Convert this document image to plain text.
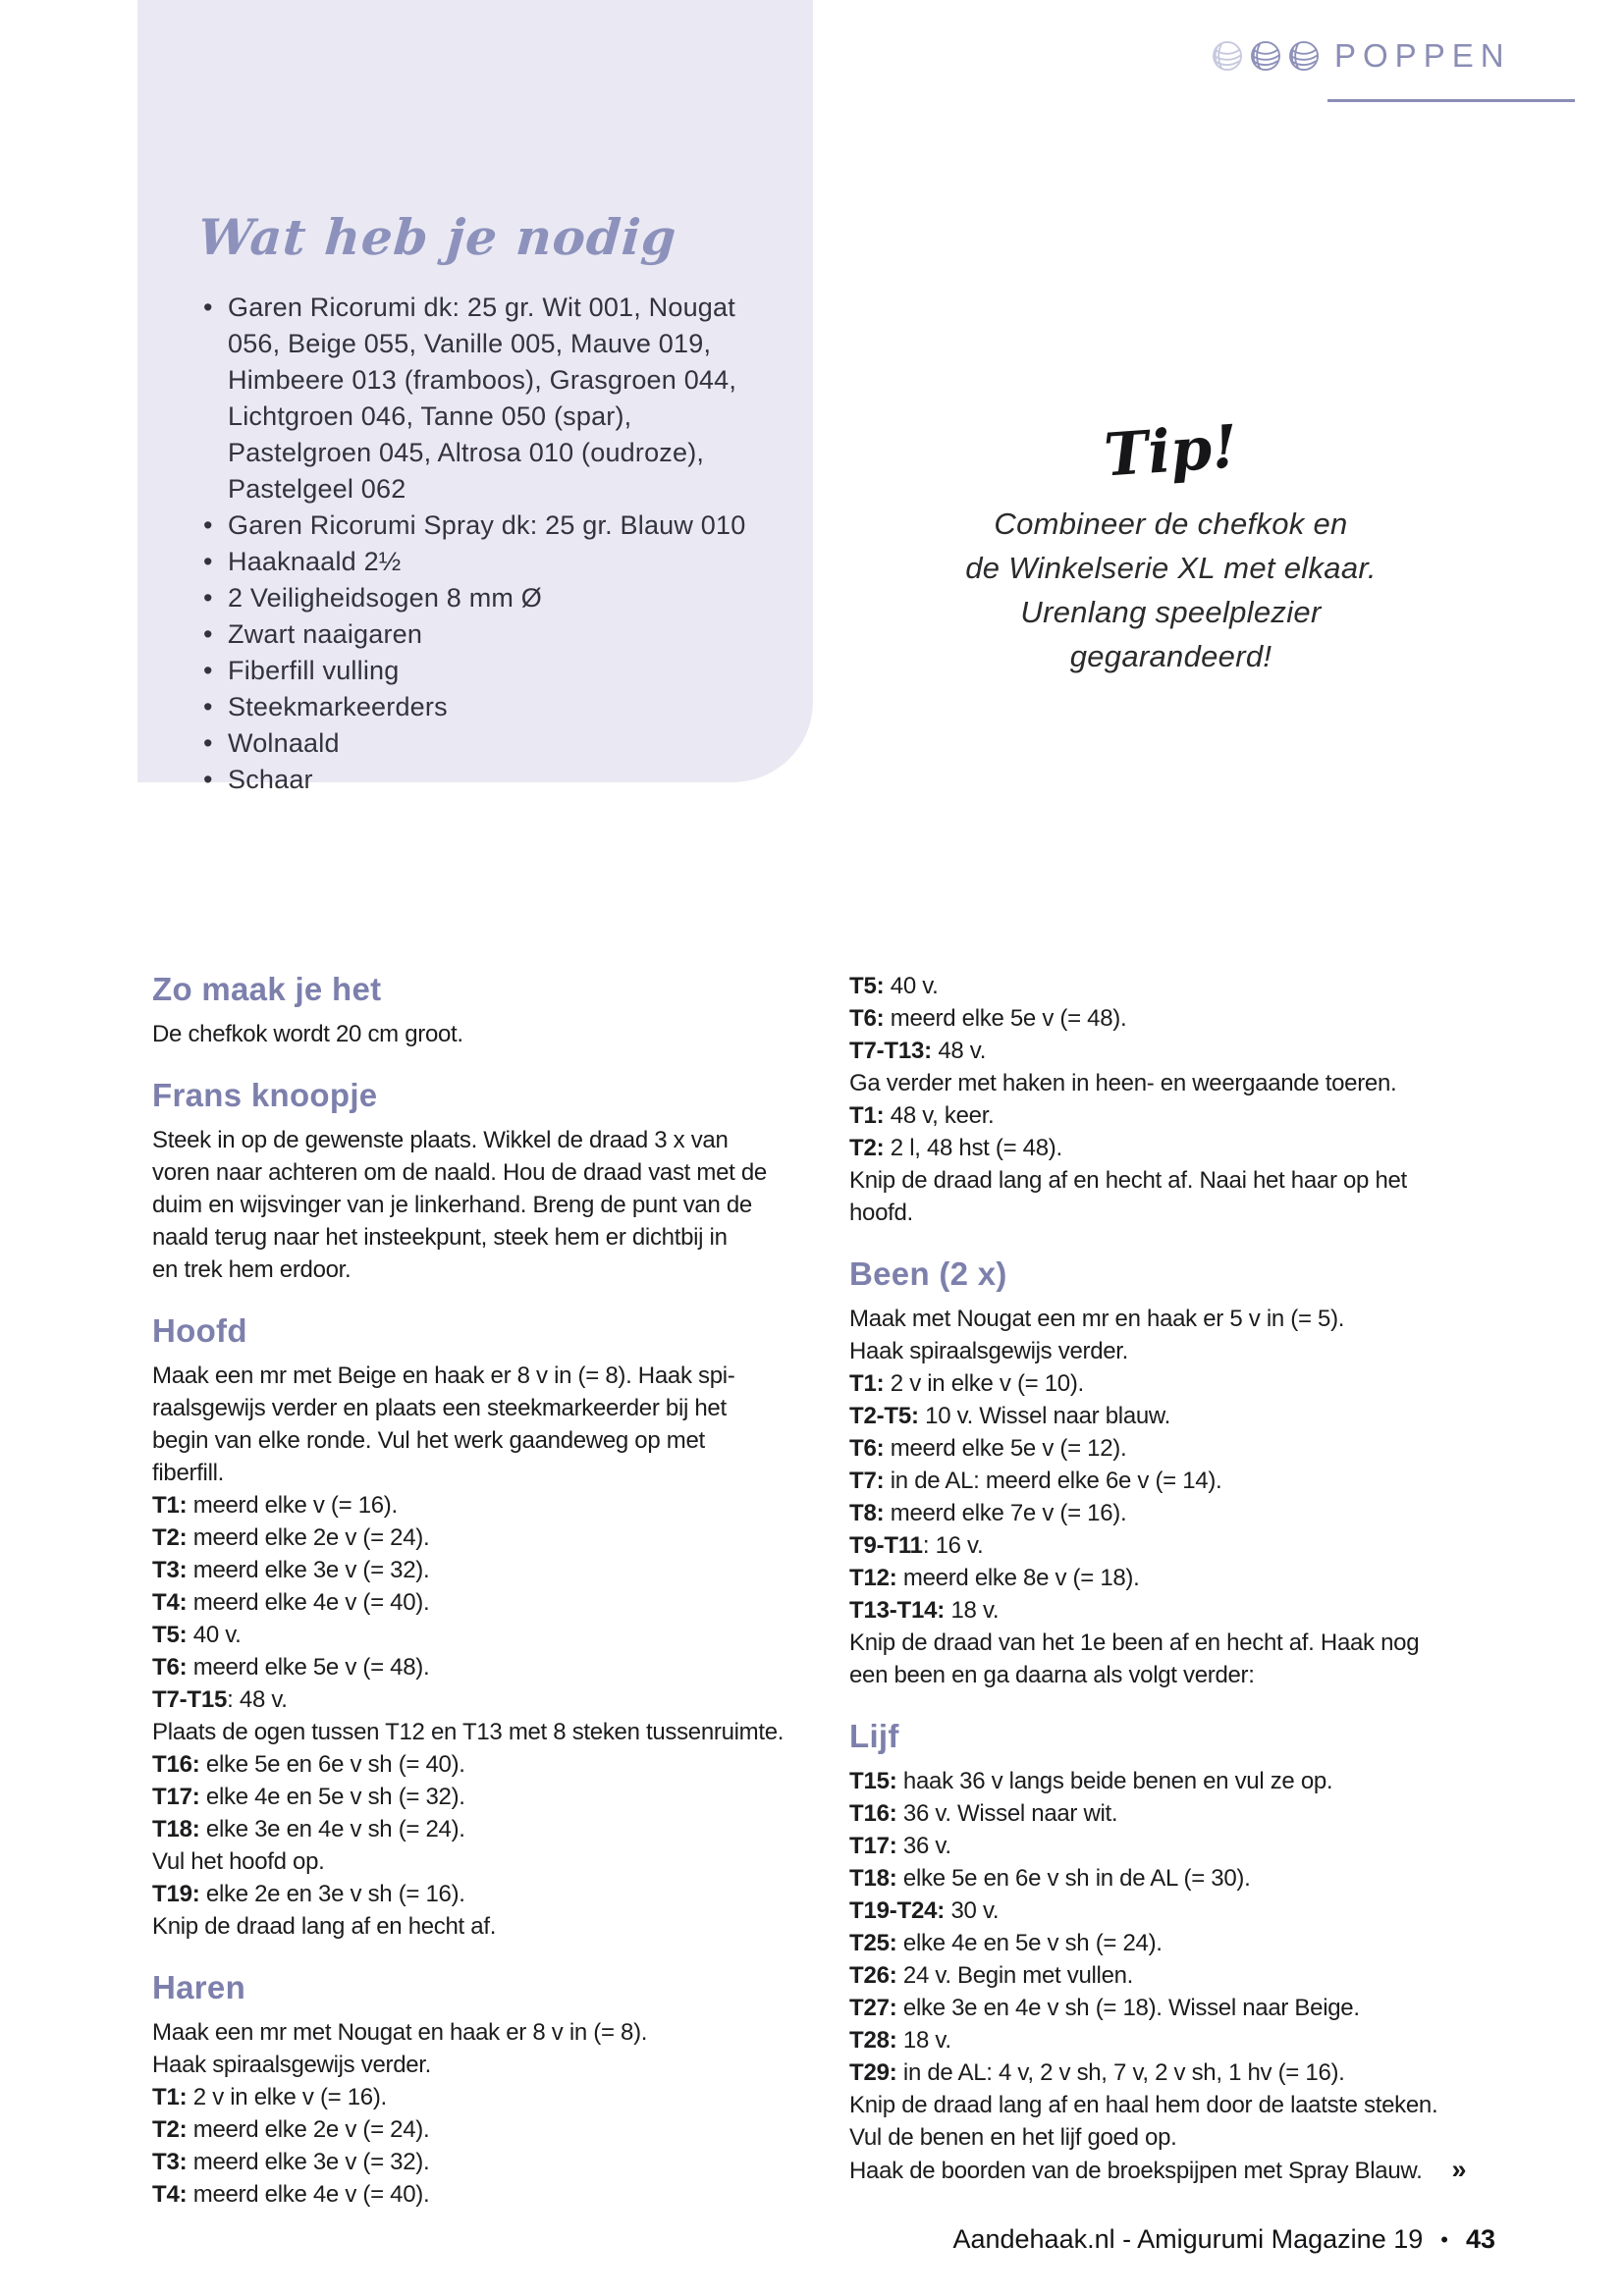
POPPEN
Wat heb je nodig
• Garen Ricorumi dk: 25 gr. Wit 001, Nougat
056, Beige 055, Vanille 005, Mauve 019,
Himbeere 013 (framboos), Grasgroen 044,
Lichtgroen 046, Tanne 050 (spar),
Pastelgroen 045, Altrosa 010 (oudroze),
Pastelgeel 062
• Garen Ricorumi Spray dk: 25 gr. Blauw 010
• Haaknaald 2½
• 2 Veiligheidsogen 8 mm Ø
• Zwart naaigaren
• Fiberfill vulling
• Steekmarkeerders
• Wolnaald
• Schaar
Tip!
Combineer de chefkok en
de Winkelserie XL met elkaar.
Urenlang speelplezier
gegarandeerd!
Zo maak je het

De chefkok wordt 20 cm groot.

Frans knoopje

Steek in op de gewenste plaats. Wikkel de draad 3 x van

voren naar achteren om de naald. Hou de draad vast met de

duim en wijsvinger van je linkerhand. Breng de punt van de

naald terug naar het insteekpunt, steek hem er dichtbij in

en trek hem erdoor.

Hoofd

Maak een mr met Beige en haak er 8 v in (= 8). Haak spi-

raalsgewijs verder en plaats een steekmarkeerder bij het

begin van elke ronde. Vul het werk gaandeweg op met

fiberfill.

T1: meerd elke v (= 16).

T2: meerd elke 2e v (= 24).

T3: meerd elke 3e v (= 32).

T4: meerd elke 4e v (= 40).

T5: 40 v.

T6: meerd elke 5e v (= 48).

T7-T15: 48 v.

Plaats de ogen tussen T12 en T13 met 8 steken tussenruimte.

T16: elke 5e en 6e v sh (= 40).

T17: elke 4e en 5e v sh (= 32).

T18: elke 3e en 4e v sh (= 24).

Vul het hoofd op.

T19: elke 2e en 3e v sh (= 16).

Knip de draad lang af en hecht af.

Haren

Maak een mr met Nougat en haak er 8 v in (= 8).

Haak spiraalsgewijs verder.

T1: 2 v in elke v (= 16).

T2: meerd elke 2e v (= 24).

T3: meerd elke 3e v (= 32).

T4: meerd elke 4e v (= 40).

T5: 40 v.

T6: meerd elke 5e v (= 48).

T7-T13: 48 v.

Ga verder met haken in heen- en weergaande toeren.

T1: 48 v, keer.

T2: 2 l, 48 hst (= 48).

Knip de draad lang af en hecht af. Naai het haar op het

hoofd.

Been (2 x)

Maak met Nougat een mr en haak er 5 v in (= 5).

Haak spiraalsgewijs verder.

T1: 2 v in elke v (= 10).

T2-T5: 10 v. Wissel naar blauw.

T6: meerd elke 5e v (= 12).

T7: in de AL: meerd elke 6e v (= 14).

T8: meerd elke 7e v (= 16).

T9-T11: 16 v.

T12: meerd elke 8e v (= 18).

T13-T14: 18 v.

Knip de draad van het 1e been af en hecht af. Haak nog

een been en ga daarna als volgt verder:

Lijf

T15: haak 36 v langs beide benen en vul ze op.

T16: 36 v. Wissel naar wit.

T17: 36 v.

T18: elke 5e en 6e v sh in de AL (= 30).

T19-T24: 30 v.

T25: elke 4e en 5e v sh (= 24).

T26: 24 v. Begin met vullen.

T27: elke 3e en 4e v sh (= 18). Wissel naar Beige.

T28: 18 v.

T29: in de AL: 4 v, 2 v sh, 7 v, 2 v sh, 1 hv (= 16).

Knip de draad lang af en haal hem door de laatste steken.

Vul de benen en het lijf goed op.

Haak de boorden van de broekspijpen met Spray Blauw. »

Aandehaak.nl - Amigurumi Magazine 19 • 43
